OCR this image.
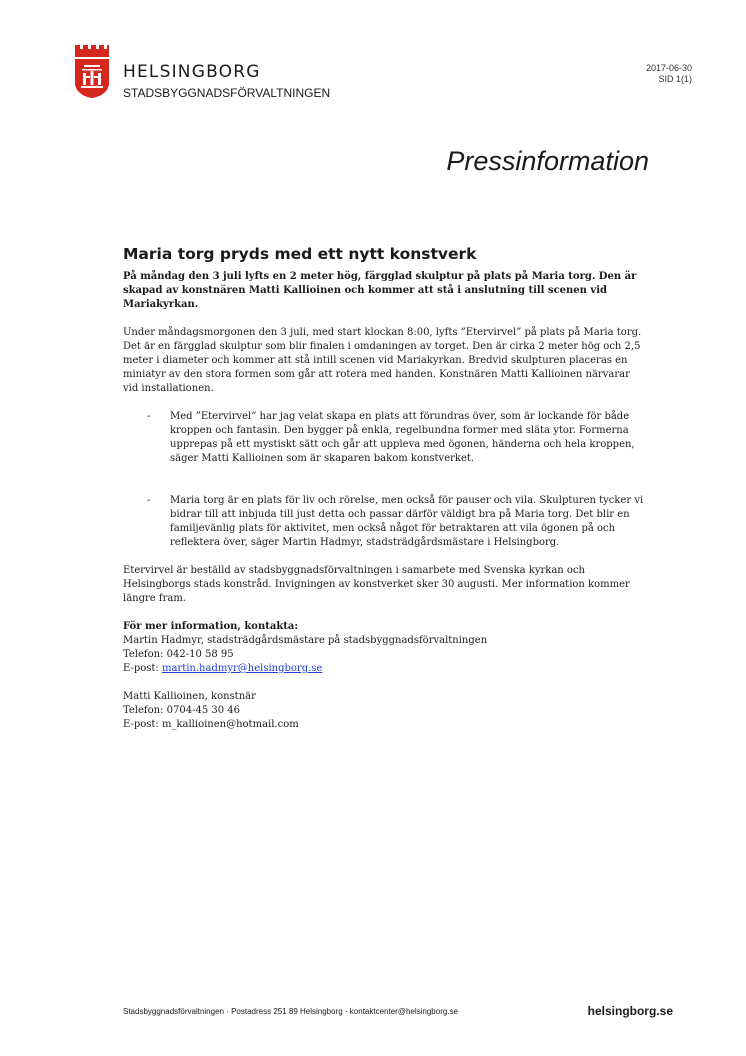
HELSINGBORG
STADSBYGGNADSFÖRVALTNINGEN
2017-06-30
SID 1(1)
Pressinformation
Maria torg pryds med ett nytt konstverk

På måndag den 3 juli lyfts en 2 meter hög, färgglad skulptur på plats på Maria torg. Den är skapad av konstnären Matti Kallioinen och kommer att stå i anslutning till scenen vid Mariakyrkan.

Under måndagsmorgonen den 3 juli, med start klockan 8:00, lyfts ”Etervirvel” på plats på Maria torg. Det är en färgglad skulptur som blir finalen i omdaningen av torget. Den är cirka 2 meter hög och 2,5 meter i diameter och kommer att stå intill scenen vid Mariakyrkan. Bredvid skulpturen placeras en miniatyr av den stora formen som går att rotera med handen. Konstnären Matti Kallioinen närvarar vid installationen.

- Med ”Etervirvel” har jag velat skapa en plats att förundras över, som är lockande för både kroppen och fantasin. Den bygger på enkla, regelbundna former med släta ytor. Formerna upprepas på ett mystiskt sätt och går att uppleva med ögonen, händerna och hela kroppen, säger Matti Kallioinen som är skaparen bakom konstverket.
- Maria torg är en plats för liv och rörelse, men också för pauser och vila. Skulpturen tycker vi bidrar till att inbjuda till just detta och passar därför väldigt bra på Maria torg. Det blir en familjevänlig plats för aktivitet, men också något för betraktaren att vila ögonen på och reflektera över, säger Martin Hadmyr, stadsträdgårdsmästare i Helsingborg.

Etervirvel är beställd av stadsbyggnadsförvaltningen i samarbete med Svenska kyrkan och Helsingborgs stads konstråd. Invigningen av konstverket sker 30 augusti. Mer information kommer längre fram.

För mer information, kontakta:
Martin Hadmyr, stadsträdgårdsmästare på stadsbyggnadsförvaltningen
Telefon: 042-10 58 95
E-post: martin.hadmyr@helsingborg.se
Matti Kallioinen, konstnär
Telefon: 0704-45 30 46
E-post: m_kallioinen@hotmail.com
Stadsbyggnadsförvaltningen · Postadress 251 89 Helsingborg · kontaktcenter@helsingborg.se	helsingborg.se
